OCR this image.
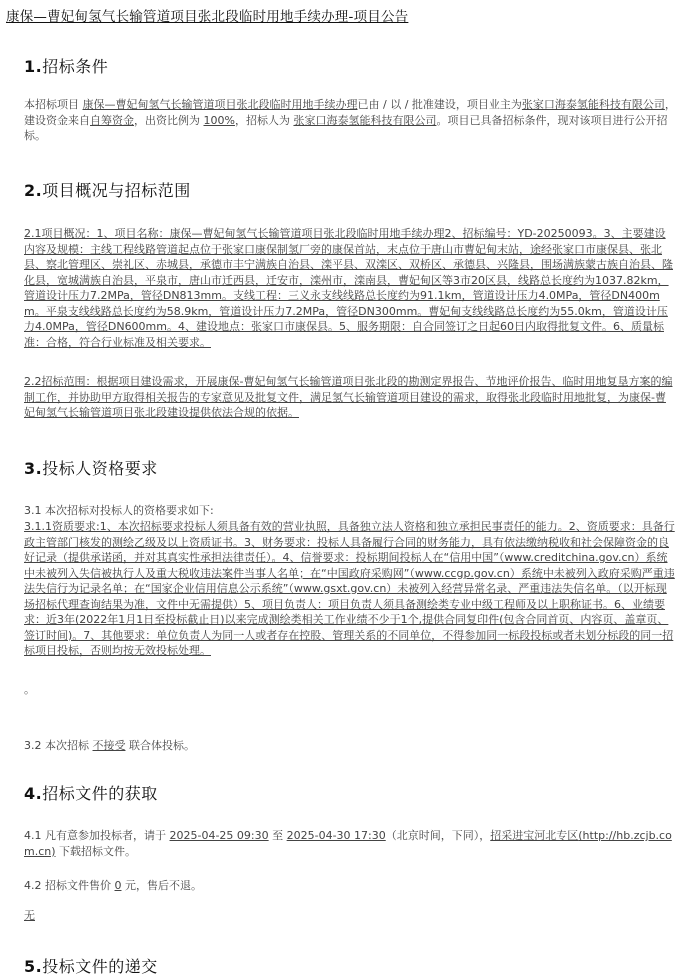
康保—曹妃甸氢气长输管道项目张北段临时用地手续办理-项目公告
1.招标条件
本招标项目 康保—曹妃甸氢气长输管道项目张北段临时用地手续办理已由 / 以 / 批准建设，项目业主为张家口海泰氢能科技有限公司，建设资金来自自筹资金，出资比例为 100%，招标人为 张家口海泰氢能科技有限公司。项目已具备招标条件，现对该项目进行公开招标。
2.项目概况与招标范围
2.1项目概况：1、项目名称：康保—曹妃甸氢气长输管道项目张北段临时用地手续办理2、招标编号：YD-20250093。3、主要建设内容及规模：主线工程线路管道起点位于张家口康保制氢厂旁的康保首站，末点位于唐山市曹妃甸末站，途经张家口市康保县、张北县、察北管理区、崇礼区、赤城县，承德市丰宁满族自治县、滦平县、双滦区、双桥区、承德县、兴隆县，围场满族蒙古族自治县、隆化县，宽城满族自治县，平泉市，唐山市迁西县，迁安市，滦州市，滦南县，曹妃甸区等3市20区县，线路总长度约为1037.82km，管道设计压力7.2MPa，管径DN813mm。支线工程：三义永支线线路总长度约为91.1km，管道设计压力4.0MPa，管径DN400mm。平泉支线线路总长度约为58.9km，管道设计压力7.2MPa，管径DN300mm。曹妃甸支线线路总长度约为55.0km，管道设计压力4.0MPa，管径DN600mm。4、建设地点：张家口市康保县。5、服务期限：自合同签订之日起60日内取得批复文件。6、质量标准：合格，符合行业标准及相关要求。
2.2招标范围：根据项目建设需求，开展康保-曹妃甸氢气长输管道项目张北段的勘测定界报告、节地评价报告、临时用地复垦方案的编制工作，并协助甲方取得相关报告的专家意见及批复文件，满足氢气长输管道项目建设的需求，取得张北段临时用地批复，为康保-曹妃甸氢气长输管道项目张北段建设提供依法合规的依据。
3.投标人资格要求
3.1 本次招标对投标人的资格要求如下:
3.1.1资质要求:1、本次招标要求投标人须具备有效的营业执照，具备独立法人资格和独立承担民事责任的能力。2、资质要求：具备行政主管部门核发的测绘乙级及以上资质证书。3、财务要求：投标人具备履行合同的财务能力，具有依法缴纳税收和社会保障资金的良好记录（提供承诺函，并对其真实性承担法律责任）。4、信誉要求：投标期间投标人在“信用中国”（www.creditchina.gov.cn）系统中未被列入失信被执行人及重大税收违法案件当事人名单；在“中国政府采购网”（www.ccgp.gov.cn）系统中未被列入政府采购严重违法失信行为记录名单；在“国家企业信用信息公示系统”（www.gsxt.gov.cn）未被列入经营异常名录、严重违法失信名单。（以开标现场招标代理查询结果为准，文件中无需提供）5、项目负责人：项目负责人须具备测绘类专业中级工程师及以上职称证书。6、业绩要求：近3年(2022年1月1日至投标截止日)以来完成测绘类相关工作业绩不少于1个,提供合同复印件(包含合同首页、内容页、盖章页、签订时间)。7、其他要求：单位负责人为同一人或者存在控股、管理关系的不同单位，不得参加同一标段投标或者未划分标段的同一招标项目投标，否则均按无效投标处理。
。
3.2 本次招标 不接受 联合体投标。
4.招标文件的获取
4.1 凡有意参加投标者，请于 2025-04-25 09:30 至 2025-04-30 17:30（北京时间，下同），招采进宝河北专区(http://hb.zcjb.com.cn) 下载招标文件。
4.2 招标文件售价 0 元，售后不退。
无
5.投标文件的递交
